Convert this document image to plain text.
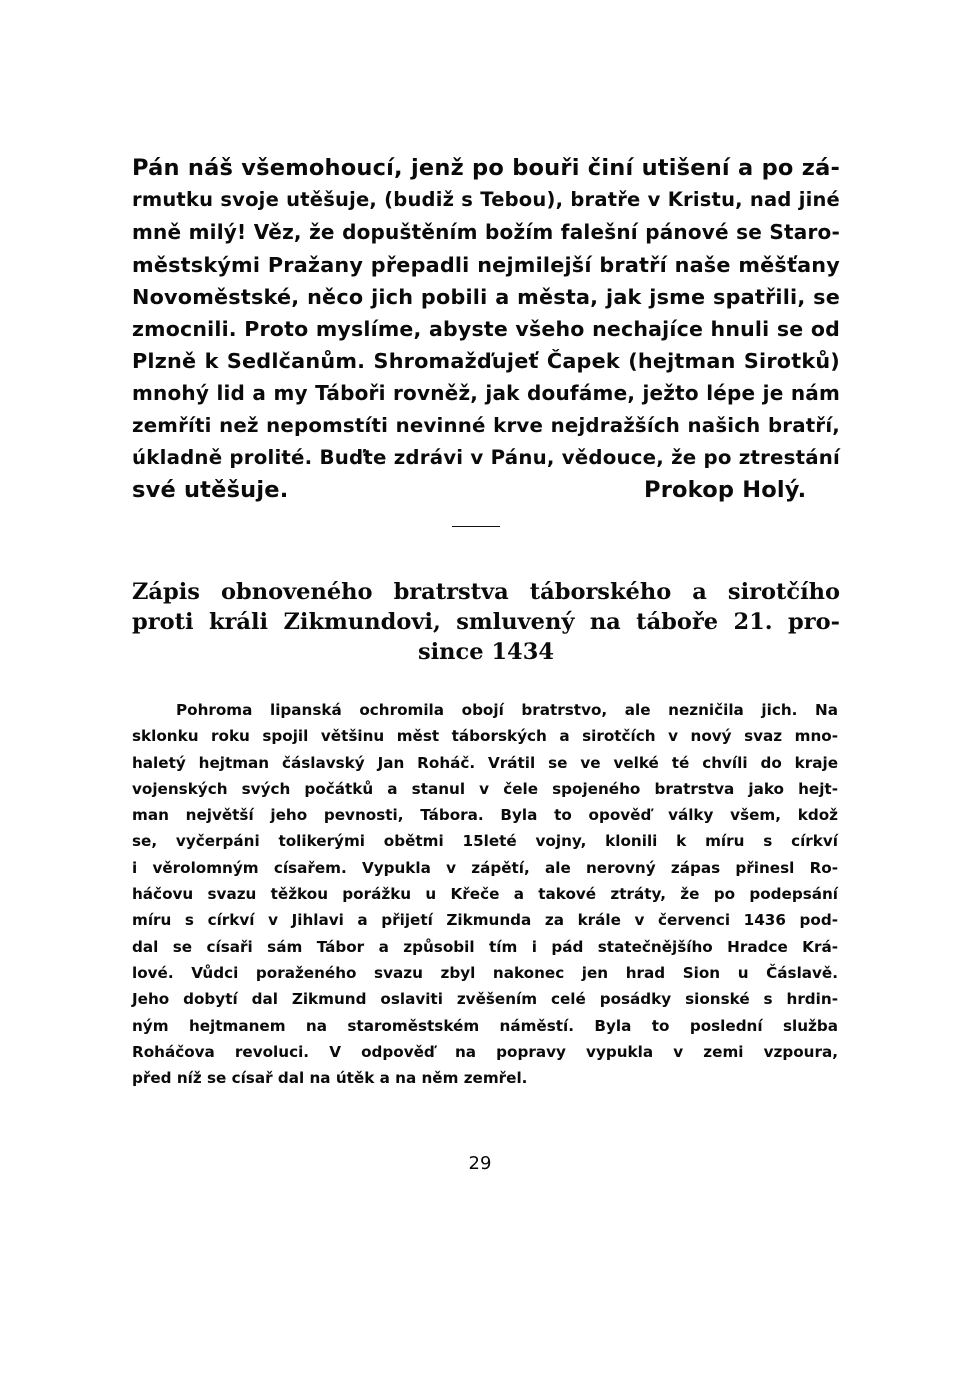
Pán náš všemohoucí, jenž po bouři činí utišení a po zá-
rmutku svoje utěšuje, (budiž s Tebou), bratře v Kristu, nad jiné
mně milý! Věz, že dopuštěním božím falešní pánové se Staro-
městskými Pražany přepadli nejmilejší bratří naše měšťany
Novoměstské, něco jich pobili a města, jak jsme spatřili, se
zmocnili. Proto myslíme, abyste všeho nechajíce hnuli se od
Plzně k Sedlčanům. Shromažďujeť Čapek (hejtman Sirotků)
mnohý lid a my Táboři rovněž, jak doufáme, ježto lépe je nám
zemříti než nepomstíti nevinné krve nejdražších našich bratří,
úkladně prolité. Buďte zdrávi v Pánu, vědouce, že po ztrestání
své utěšuje.	Prokop Holý.
Zápis obnoveného bratrstva táborského a sirotčího
proti králi Zikmundovi, smluvený na táboře 21. pro-
since 1434
Pohroma lipanská ochromila obojí bratrstvo, ale nezničila jich. Na
sklonku roku spojil většinu měst táborských a sirotčích v nový svaz mno-
haletý hejtman čáslavský Jan Roháč. Vrátil se ve velké té chvíli do kraje
vojenských svých počátků a stanul v čele spojeného bratrstva jako hejt-
man největší jeho pevnosti, Tábora. Byla to opověď války všem, kdož
se, vyčerpáni tolikerými obětmi 15leté vojny, klonili k míru s církví
i věrolomným císařem. Vypukla v zápětí, ale nerovný zápas přinesl Ro-
háčovu svazu těžkou porážku u Křeče a takové ztráty, že po podepsání
míru s církví v Jihlavi a přijetí Zikmunda za krále v červenci 1436 pod-
dal se císaři sám Tábor a způsobil tím i pád statečnějšího Hradce Krá-
lové. Vůdci poraženého svazu zbyl nakonec jen hrad Sion u Čáslavě.
Jeho dobytí dal Zikmund oslaviti zvěšením celé posádky sionské s hrdin-
ným hejtmanem na staroměstském náměstí. Byla to poslední služba
Roháčova revoluci. V odpověď na popravy vypukla v zemi vzpoura,
před níž se císař dal na útěk a na něm zemřel.
29
